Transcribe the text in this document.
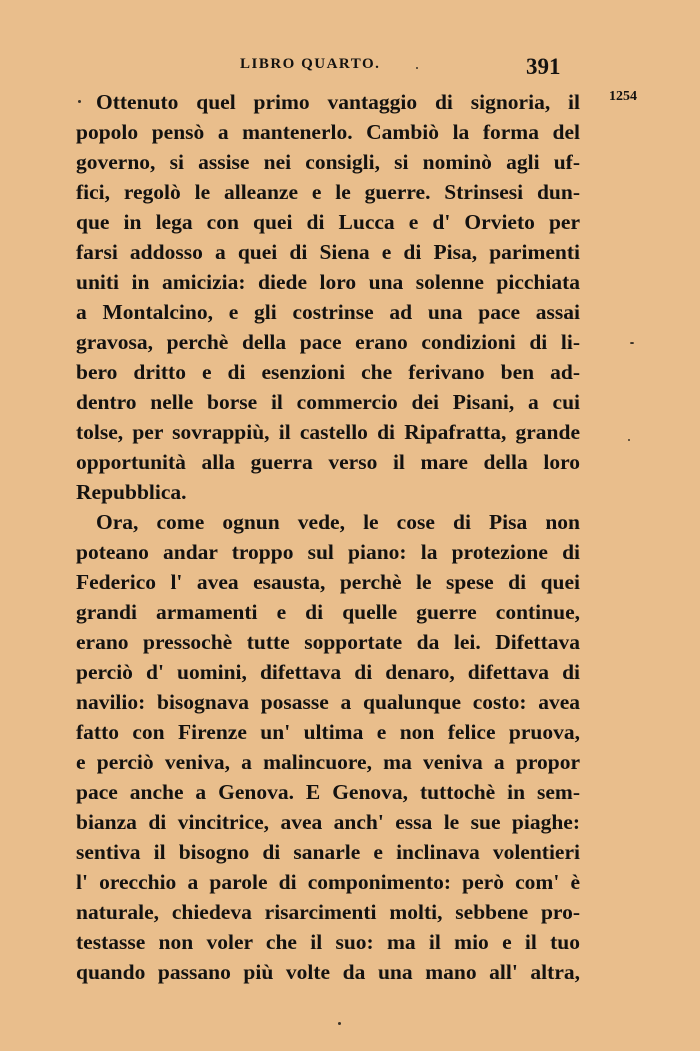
LIBRO QUARTO.	391
1254
Ottenuto quel primo vantaggio di signoria, il
popolo pensò a mantenerlo. Cambiò la forma del
governo, si assise nei consigli, si nominò agli uf-
fici, regolò le alleanze e le guerre. Strinsesi dun-
que in lega con quei di Lucca e d' Orvieto per
farsi addosso a quei di Siena e di Pisa, parimenti
uniti in amicizia: diede loro una solenne picchiata
a Montalcino, e gli costrinse ad una pace assai
gravosa, perchè della pace erano condizioni di li-
bero dritto e di esenzioni che ferivano ben ad-
dentro nelle borse il commercio dei Pisani, a cui
tolse, per sovrappiù, il castello di Ripafratta, grande
opportunità alla guerra verso il mare della loro
Repubblica.
Ora, come ognun vede, le cose di Pisa non
poteano andar troppo sul piano: la protezione di
Federico l' avea esausta, perchè le spese di quei
grandi armamenti e di quelle guerre continue,
erano pressochè tutte sopportate da lei. Difettava
perciò d' uomini, difettava di denaro, difettava di
navilio: bisognava posasse a qualunque costo: avea
fatto con Firenze un' ultima e non felice pruova,
e perciò veniva, a malincuore, ma veniva a propor
pace anche a Genova. E Genova, tuttochè in sem-
bianza di vincitrice, avea anch' essa le sue piaghe:
sentiva il bisogno di sanarle e inclinava volentieri
l' orecchio a parole di componimento: però com' è
naturale, chiedeva risarcimenti molti, sebbene pro-
testasse non voler che il suo: ma il mio e il tuo
quando passano più volte da una mano all' altra,
